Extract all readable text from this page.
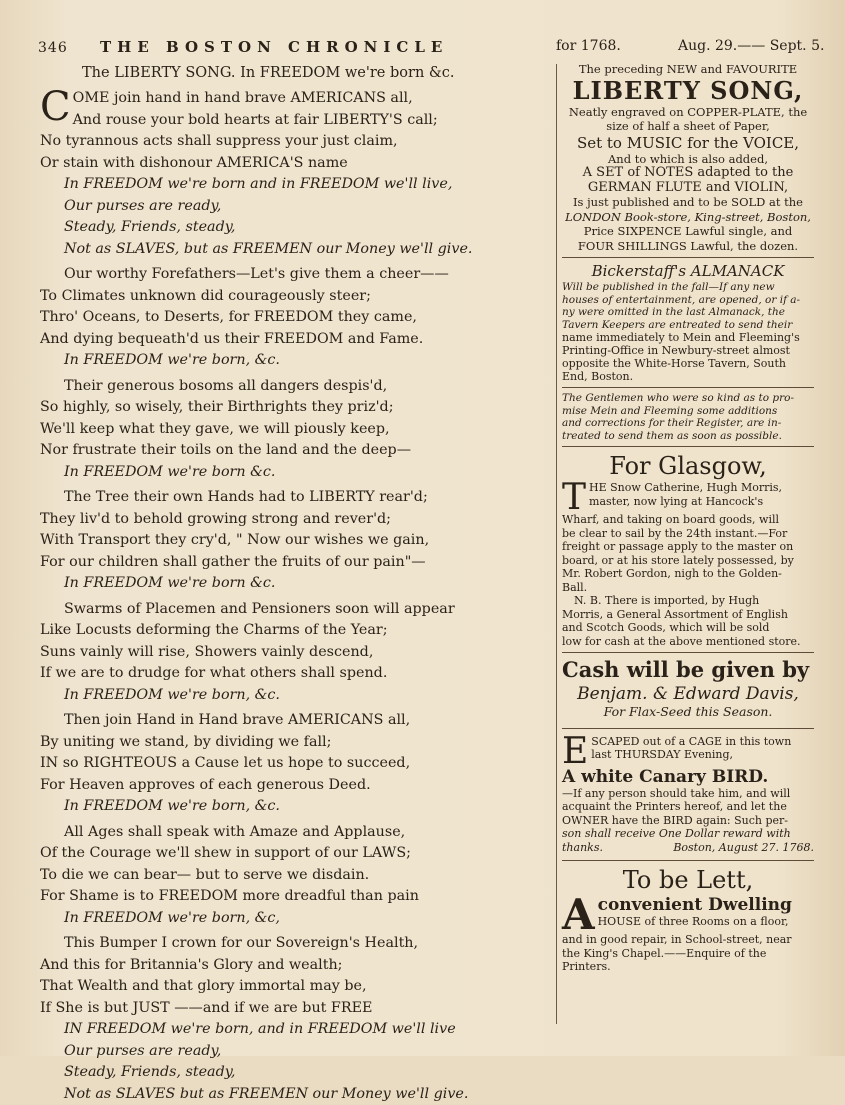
346 THE BOSTON CHRONICLE	for 1768.	Aug. 29.—— Sept. 5.
The LIBERTY SONG. In FREEDOM we're born &c.
COME join hand in hand brave AMERICANS all,
And rouse your bold hearts at fair LIBERTY'S call;
No tyrannous acts shall suppress your just claim,
Or stain with dishonour AMERICA'S name
In FREEDOM we're born and in FREEDOM we'll live,
Our purses are ready,
Steady, Friends, steady,
Not as SLAVES, but as FREEMEN our Money we'll give.
Our worthy Forefathers—Let's give them a cheer——
To Climates unknown did courageously steer;
Thro' Oceans, to Deserts, for FREEDOM they came,
And dying bequeath'd us their FREEDOM and Fame.
In FREEDOM we're born, &c.
Their generous bosoms all dangers despis'd,
So highly, so wisely, their Birthrights they priz'd;
We'll keep what they gave, we will piously keep,
Nor frustrate their toils on the land and the deep—
In FREEDOM we're born &c.
The Tree their own Hands had to LIBERTY rear'd;
They liv'd to behold growing strong and rever'd;
With Transport they cry'd, " Now our wishes we gain,
For our children shall gather the fruits of our pain"—
In FREEDOM we're born &c.
Swarms of Placemen and Pensioners soon will appear
Like Locusts deforming the Charms of the Year;
Suns vainly will rise, Showers vainly descend,
If we are to drudge for what others shall spend.
In FREEDOM we're born, &c.
Then join Hand in Hand brave AMERICANS all,
By uniting we stand, by dividing we fall;
IN so RIGHTEOUS a Cause let us hope to succeed,
For Heaven approves of each generous Deed.
In FREEDOM we're born, &c.
All Ages shall speak with Amaze and Applause,
Of the Courage we'll shew in support of our LAWS;
To die we can bear— but to serve we disdain.
For Shame is to FREEDOM more dreadful than pain
In FREEDOM we're born, &c,
This Bumper I crown for our Sovereign's Health,
And this for Britannia's Glory and wealth;
That Wealth and that glory immortal may be,
If She is but JUST ——and if we are but FREE
IN FREEDOM we're born, and in FREEDOM we'll live
Our purses are ready,
Steady, Friends, steady,
Not as SLAVES but as FREEMEN our Money we'll give.

The preceding NEW and FAVOURITE

LIBERTY SONG,

Neatly engraved on COPPER-PLATE, the

size of half a sheet of Paper,

Set to MUSIC for the VOICE,

And to which is also added,

A SET of NOTES adapted to the

GERMAN FLUTE and VIOLIN,

Is just published and to be SOLD at the

LONDON Book-store, King-street, Boston,

Price SIXPENCE Lawful single, and

FOUR SHILLINGS Lawful, the dozen.

Bickerstaff's ALMANACK

Will be published in the fall—If any new

houses of entertainment, are opened, or if a-

ny were omitted in the last Almanack, the

Tavern Keepers are entreated to send their

name immediately to Mein and Fleeming's

Printing-Office in Newbury-street almost

opposite the White-Horse Tavern, South

End, Boston.

The Gentlemen who were so kind as to pro-

mise Mein and Fleeming some additions

and corrections for their Register, are in-

treated to send them as soon as possible.

For Glasgow,

THE Snow Catherine, Hugh Morris,

master, now lying at Hancock's

Wharf, and taking on board goods, will

be clear to sail by the 24th instant.—For

freight or passage apply to the master on

board, or at his store lately possessed, by

Mr. Robert Gordon, nigh to the Golden-

Ball.

N. B. There is imported, by Hugh

Morris, a General Assortment of English

and Scotch Goods, which will be sold

low for cash at the above mentioned store.

Cash will be given by

Benjam. & Edward Davis,

For Flax-Seed this Season.

ESCAPED out of a CAGE in this town

last THURSDAY Evening,

A white Canary BIRD.

—If any person should take him, and will

acquaint the Printers hereof, and let the

OWNER have the BIRD again: Such per-

son shall receive One Dollar reward with

thanks.	Boston, August 27. 1768.

To be Lett,

Aconvenient Dwelling

HOUSE of three Rooms on a floor,

and in good repair, in School-street, near

the King's Chapel.——Enquire of the

Printers.
